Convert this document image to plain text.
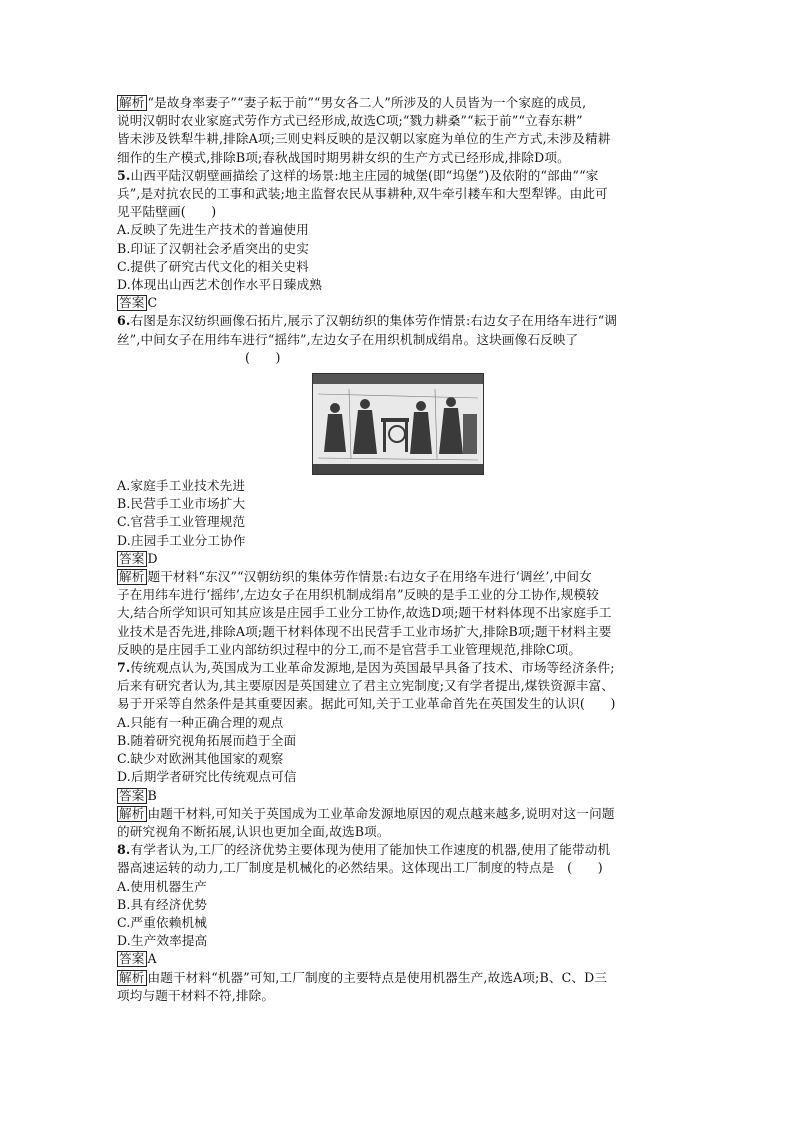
解析 “是故身率妻子”“妻子耘于前”“男女各二人”所涉及的人员皆为一个家庭的成员,
说明汉朝时农业家庭式劳作方式已经形成,故选C项;“戮力耕桑”“耘于前”“立春东耕”
皆未涉及铁犁牛耕,排除A项;三则史料反映的是汉朝以家庭为单位的生产方式,未涉及精耕
细作的生产模式,排除B项;春秋战国时期男耕女织的生产方式已经形成,排除D项。
5.山西平陆汉朝壁画描绘了这样的场景:地主庄园的城堡(即“坞堡”)及依附的“部曲”“家
兵”,是对抗农民的工事和武装;地主监督农民从事耕种,双牛牵引耧车和大型犁铧。由此可
见平陆壁画(　　)
A.反映了先进生产技术的普遍使用
B.印证了汉朝社会矛盾突出的史实
C.提供了研究古代文化的相关史料
D.体现出山西艺术创作水平日臻成熟
答案 C
6.右图是东汉纺织画像石拓片,展示了汉朝纺织的集体劳作情景:右边女子在用络车进行“调
丝”,中间女子在用纬车进行“摇纬”,左边女子在用织机制成绢帛。这块画像石反映了
(　　)
A.家庭手工业技术先进
B.民营手工业市场扩大
C.官营手工业管理规范
D.庄园手工业分工协作
答案 D
解析 题干材料“东汉”“汉朝纺织的集体劳作情景:右边女子在用络车进行‘调丝’,中间女
子在用纬车进行‘摇纬’,左边女子在用织机制成绢帛”反映的是手工业的分工协作,规模较
大,结合所学知识可知其应该是庄园手工业分工协作,故选D项;题干材料体现不出家庭手工
业技术是否先进,排除A项;题干材料体现不出民营手工业市场扩大,排除B项;题干材料主要
反映的是庄园手工业内部纺织过程中的分工,而不是官营手工业管理规范,排除C项。
7.传统观点认为,英国成为工业革命发源地,是因为英国最早具备了技术、市场等经济条件;
后来有研究者认为,其主要原因是英国建立了君主立宪制度;又有学者提出,煤铁资源丰富、
易于开采等自然条件是其重要因素。据此可知,关于工业革命首先在英国发生的认识(　　)
A.只能有一种正确合理的观点
B.随着研究视角拓展而趋于全面
C.缺少对欧洲其他国家的观察
D.后期学者研究比传统观点可信
答案 B
解析 由题干材料,可知关于英国成为工业革命发源地原因的观点越来越多,说明对这一问题
的研究视角不断拓展,认识也更加全面,故选B项。
8.有学者认为,工厂的经济优势主要体现为使用了能加快工作速度的机器,使用了能带动机
器高速运转的动力,工厂制度是机械化的必然结果。这体现出工厂制度的特点是　(　　)
A.使用机器生产
B.具有经济优势
C.严重依赖机械
D.生产效率提高
答案 A
解析 由题干材料“机器”可知,工厂制度的主要特点是使用机器生产,故选A项;B、C、D三
项均与题干材料不符,排除。
